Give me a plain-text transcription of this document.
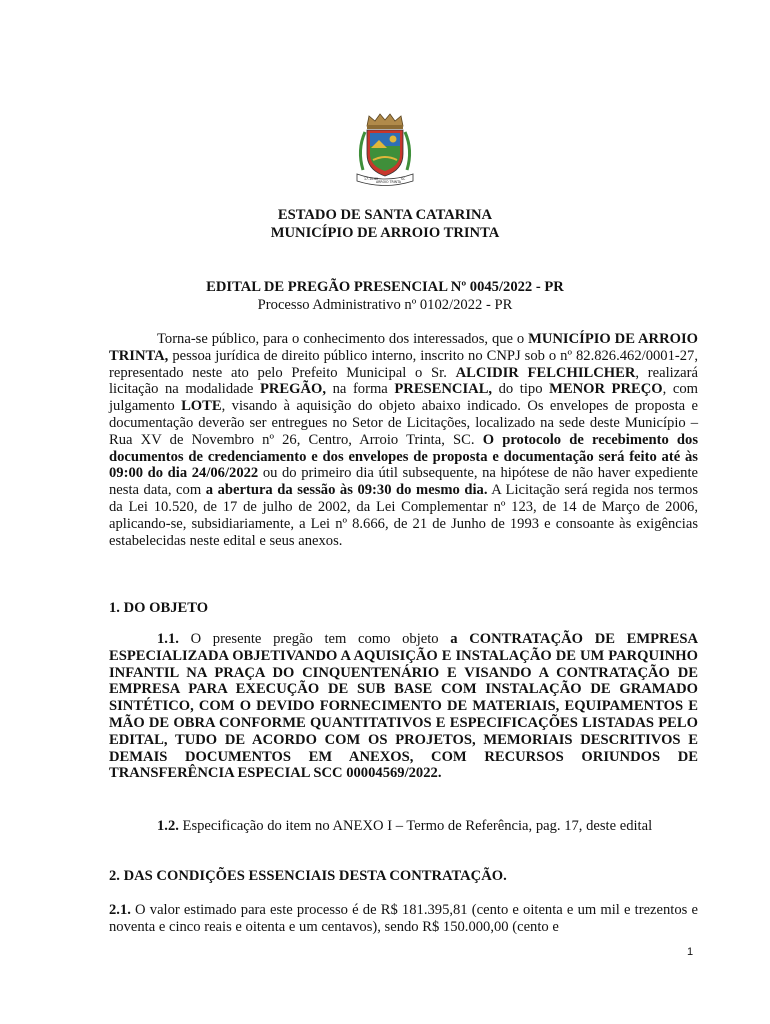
17.10.62
ARROIO TRINTA
SC
ESTADO DE SANTA CATARINA
MUNICÍPIO DE ARROIO TRINTA
EDITAL DE PREGÃO PRESENCIAL Nº 0045/2022 - PR
Processo Administrativo nº 0102/2022 - PR
Torna-se público, para o conhecimento dos interessados, que o MUNICÍPIO DE ARROIO TRINTA, pessoa jurídica de direito público interno, inscrito no CNPJ sob o nº 82.826.462/0001-27, representado neste ato pelo Prefeito Municipal o Sr. ALCIDIR FELCHILCHER, realizará licitação na modalidade PREGÃO, na forma PRESENCIAL, do tipo MENOR PREÇO, com julgamento LOTE, visando à aquisição do objeto abaixo indicado. Os envelopes de proposta e documentação deverão ser entregues no Setor de Licitações, localizado na sede deste Município – Rua XV de Novembro nº 26, Centro, Arroio Trinta, SC. O protocolo de recebimento dos documentos de credenciamento e dos envelopes de proposta e documentação será feito até às 09:00 do dia 24/06/2022 ou do primeiro dia útil subsequente, na hipótese de não haver expediente nesta data, com a abertura da sessão às 09:30 do mesmo dia. A Licitação será regida nos termos da Lei 10.520, de 17 de julho de 2002, da Lei Complementar nº 123, de 14 de Março de 2006, aplicando-se, subsidiariamente, a Lei nº 8.666, de 21 de Junho de 1993 e consoante às exigências estabelecidas neste edital e seus anexos.
1. DO OBJETO
1.1. O presente pregão tem como objeto a CONTRATAÇÃO DE EMPRESA ESPECIALIZADA OBJETIVANDO A AQUISIÇÃO E INSTALAÇÃO DE UM PARQUINHO INFANTIL NA PRAÇA DO CINQUENTENÁRIO E VISANDO A CONTRATAÇÃO DE EMPRESA PARA EXECUÇÃO DE SUB BASE COM INSTALAÇÃO DE GRAMADO SINTÉTICO, COM O DEVIDO FORNECIMENTO DE MATERIAIS, EQUIPAMENTOS E MÃO DE OBRA CONFORME QUANTITATIVOS E ESPECIFICAÇÕES LISTADAS PELO EDITAL, TUDO DE ACORDO COM OS PROJETOS, MEMORIAIS DESCRITIVOS E DEMAIS DOCUMENTOS EM ANEXOS, COM RECURSOS ORIUNDOS DE TRANSFERÊNCIA ESPECIAL SCC 00004569/2022.
1.2. Especificação do item no ANEXO I – Termo de Referência, pag. 17, deste edital
2. DAS CONDIÇÕES ESSENCIAIS DESTA CONTRATAÇÃO.
2.1. O valor estimado para este processo é de R$ 181.395,81 (cento e oitenta e um mil e trezentos e noventa e cinco reais e oitenta e um centavos), sendo R$ 150.000,00 (cento e
1
